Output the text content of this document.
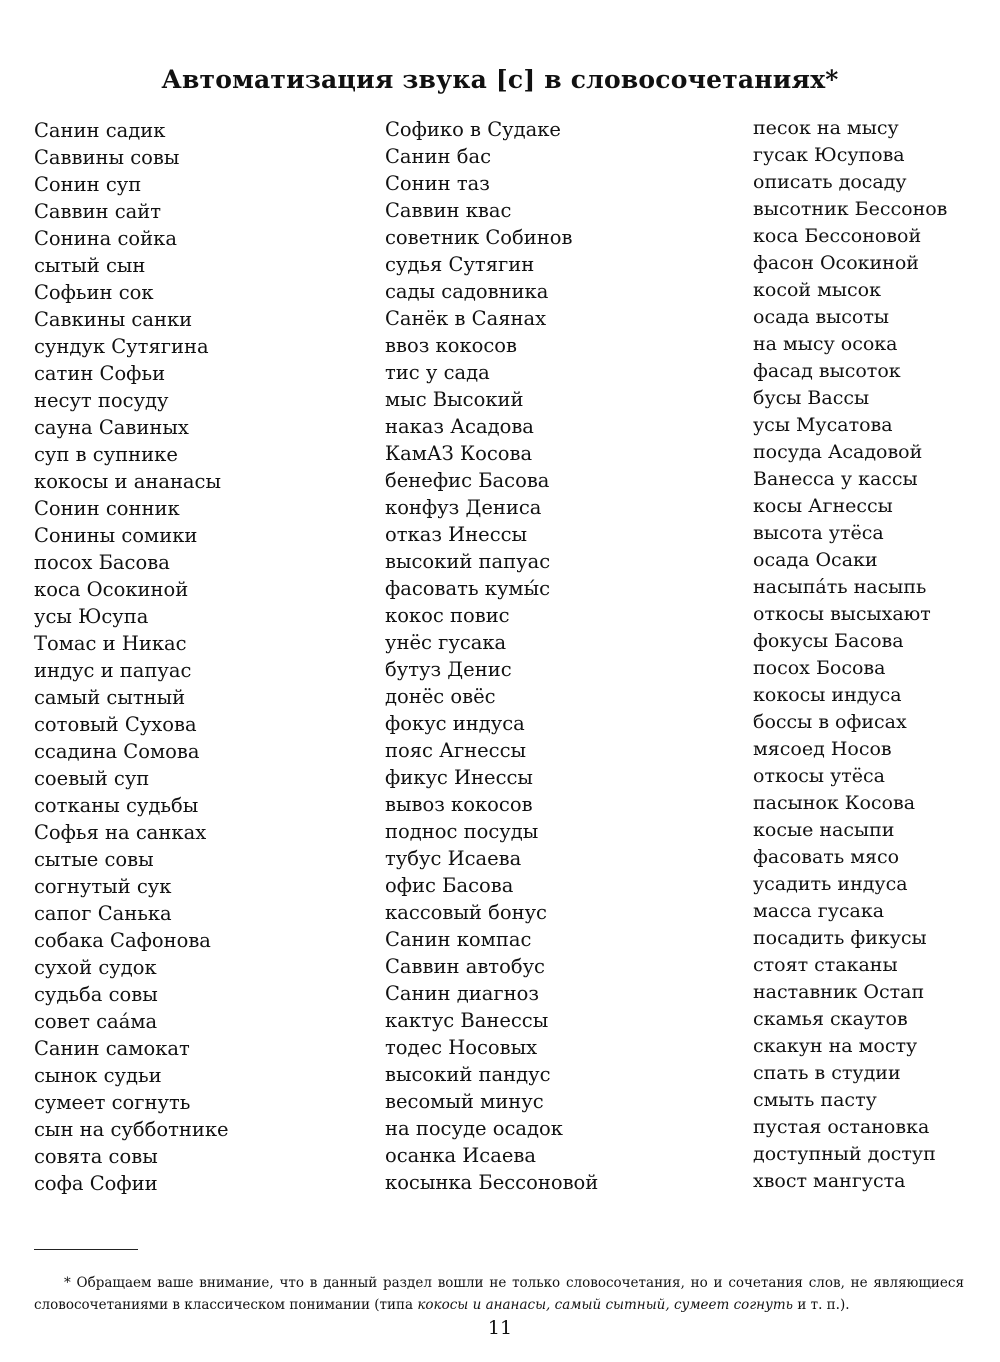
Автоматизация звука [с] в словосочетаниях*
Санин садик
Саввины совы
Сонин суп
Саввин сайт
Сонина сойка
сытый сын
Софьин сок
Савкины санки
сундук Сутягина
сатин Софьи
несут посуду
сауна Савиных
суп в супнике
кокосы и ананасы
Сонин сонник
Сонины сомики
посох Басова
коса Осокиной
усы Юсупа
Томас и Никас
индус и папуас
самый сытный
сотовый Сухова
ссадина Сомова
соевый суп
сотканы судьбы
Софья на санках
сытые совы
согнутый сук
сапог Санька
собака Сафонова
сухой судок
судьба совы
совет саа́ма
Санин самокат
сынок судьи
сумеет согнуть
сын на субботнике
совята совы
софа Софии
Софико в Судаке
Санин бас
Сонин таз
Саввин квас
советник Собинов
судья Сутягин
сады садовника
Санёк в Саянах
ввоз кокосов
тис у сада
мыс Высокий
наказ Асадова
КамАЗ Косова
бенефис Басова
конфуз Дениса
отказ Инессы
высокий папуас
фасовать кумы́с
кокос повис
унёс гусака
бутуз Денис
донёс овёс
фокус индуса
пояс Агнессы
фикус Инессы
вывоз кокосов
поднос посуды
тубус Исаева
офис Басова
кассовый бонус
Санин компас
Саввин автобус
Санин диагноз
кактус Ванессы
тодес Носовых
высокий пандус
весомый минус
на посуде осадок
осанка Исаева
косынка Бессоновой
песок на мысу
гусак Юсупова
описать досаду
высотник Бессонов
коса Бессоновой
фасон Осокиной
косой мысок
осада высоты
на мысу осока
фасад высоток
бусы Вассы
усы Мусатова
посуда Асадовой
Ванесса у кассы
косы Агнессы
высота утёса
осада Осаки
насыпа́ть насыпь
откосы высыхают
фокусы Басова
посох Босова
кокосы индуса
боссы в офисах
мясоед Носов
откосы утёса
пасынок Косова
косые насыпи
фасовать мясо
усадить индуса
масса гусака
посадить фикусы
стоят стаканы
наставник Остап
скамья скаутов
скакун на мосту
спать в студии
смыть пасту
пустая остановка
доступный доступ
хвост мангуста

* Обращаем ваше внимание, что в данный раздел вошли не только словосочетания, но и сочетания слов, не являющиеся словосочетаниями в классическом понимании (типа кокосы и ананасы, самый сытный, сумеет согнуть и т. п.).

11
